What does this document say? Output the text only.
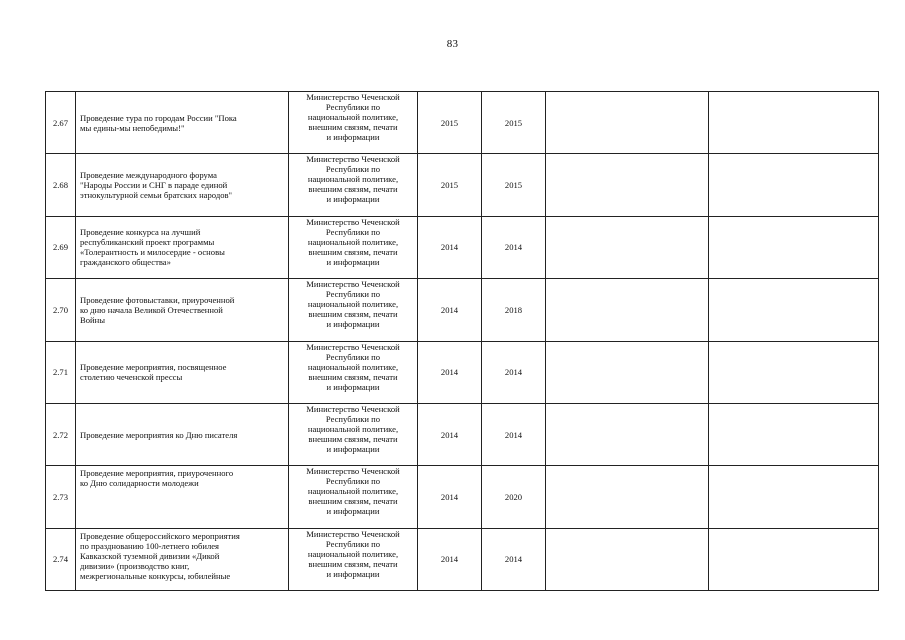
83
2.67	Проведение тура по городам России "Пока
мы едины-мы непобедимы!"	Министерство Чеченской
Республики по
национальной политике,
внешним связям, печати
и информации	2015	2015		
2.68	Проведение международного форума
"Народы России и СНГ в параде единой
этнокультурной семьи братских народов"	Министерство Чеченской
Республики по
национальной политике,
внешним связям, печати
и информации	2015	2015		
2.69	Проведение конкурса на лучший
республиканский проект программы
«Толерантность и милосердие - основы
гражданского общества»	Министерство Чеченской
Республики по
национальной политике,
внешним связям, печати
и информации	2014	2014		
2.70	Проведение фотовыставки, приуроченной
ко дню начала Великой Отечественной
Войны	Министерство Чеченской
Республики по
национальной политике,
внешним связям, печати
и информации	2014	2018		
2.71	Проведение мероприятия, посвященное
столетию чеченской прессы	Министерство Чеченской
Республики по
национальной политике,
внешним связям, печати
и информации	2014	2014		
2.72	Проведение мероприятия ко Дню писателя	Министерство Чеченской
Республики по
национальной политике,
внешним связям, печати
и информации	2014	2014		
2.73	Проведение мероприятия, приуроченного
ко Дню солидарности молодежи	Министерство Чеченской
Республики по
национальной политике,
внешним связям, печати
и информации	2014	2020		
2.74	Проведение общероссийского мероприятия
по празднованию 100-летнего юбилея
Кавказской туземной дивизии «Дикой
дивизии» (производство книг,
межрегиональные конкурсы, юбилейные	Министерство Чеченской
Республики по
национальной политике,
внешним связям, печати
и информации	2014	2014		
